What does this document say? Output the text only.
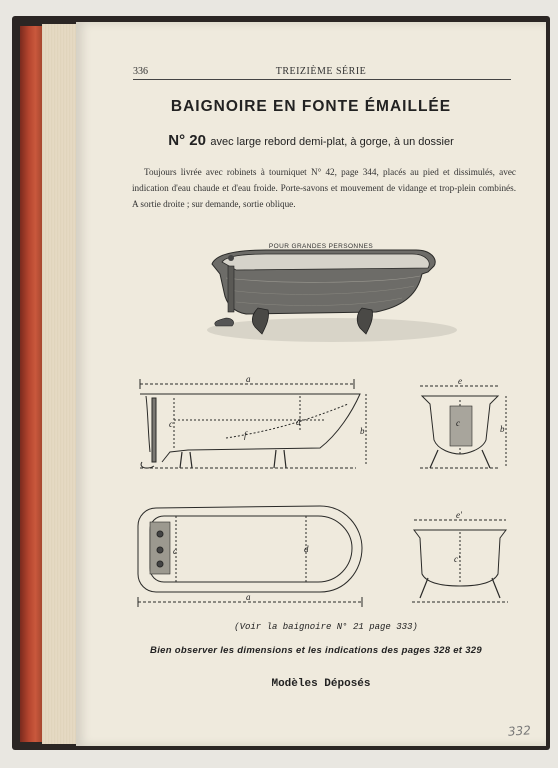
336	TREIZIÈME SÉRIE
BAIGNOIRE EN FONTE ÉMAILLÉE
N° 20 avec large rebord demi-plat, à gorge, à un dossier
Toujours livrée avec robinets à tourniquet N° 42, page 344, placés au pied et dissimulés, avec indication d'eau chaude et d'eau froide. Porte-savons et mouvement de vidange et trop-plein combinés. A sortie droite ; sur demande, sortie oblique.
POUR GRANDES PERSONNES
a
c	d
f	b
e
c
b
c	d
a
e'
c'
(Voir la baignoire N° 21 page 333)
Bien observer les dimensions et les indications des pages 328 et 329
Modèles Déposés
332
